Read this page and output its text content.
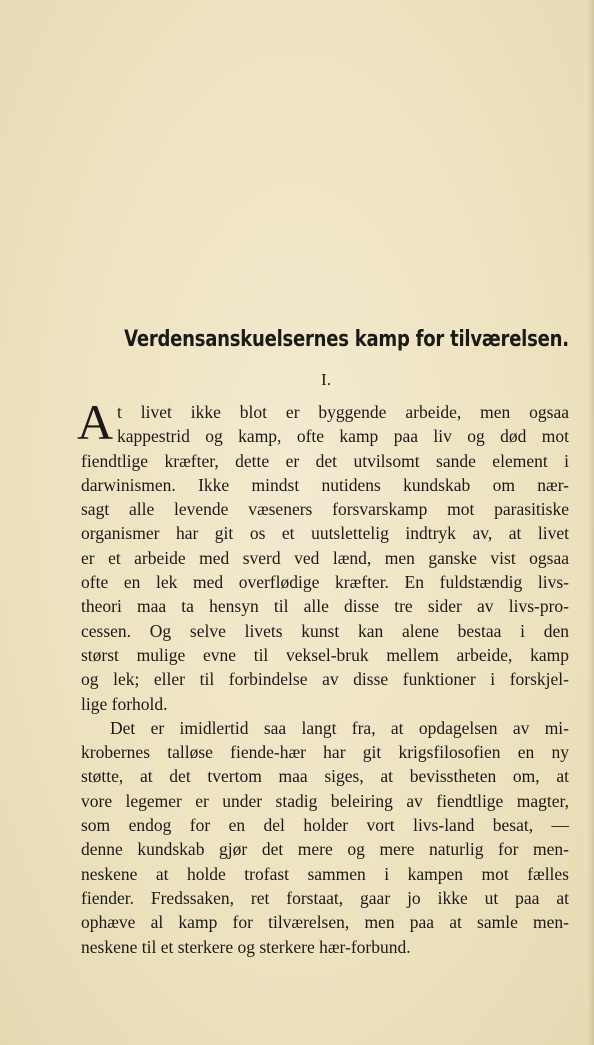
Verdensanskuelsernes kamp for tilværelsen.

I.

A t livet ikke blot er byggende arbeide, men ogsaa
kappestrid og kamp, ofte kamp paa liv og død mot
fiendtlige kræfter, dette er det utvilsomt sande element i
darwinismen. Ikke mindst nutidens kundskab om nær-
sagt alle levende væseners forsvarskamp mot parasitiske
organismer har git os et uutslettelig indtryk av, at livet
er et arbeide med sverd ved lænd, men ganske vist ogsaa
ofte en lek med overflødige kræfter. En fuldstændig livs-
theori maa ta hensyn til alle disse tre sider av livs-pro-
cessen. Og selve livets kunst kan alene bestaa i den
størst mulige evne til veksel-bruk mellem arbeide, kamp
og lek; eller til forbindelse av disse funktioner i forskjel-
lige forhold.
Det er imidlertid saa langt fra, at opdagelsen av mi-
krobernes talløse fiende-hær har git krigsfilosofien en ny
støtte, at det tvertom maa siges, at bevisstheten om, at
vore legemer er under stadig beleiring av fiendtlige magter,
som endog for en del holder vort livs-land besat, —
denne kundskab gjør det mere og mere naturlig for men-
neskene at holde trofast sammen i kampen mot fælles
fiender. Fredssaken, ret forstaat, gaar jo ikke ut paa at
ophæve al kamp for tilværelsen, men paa at samle men-
neskene til et sterkere og sterkere hær-forbund.
